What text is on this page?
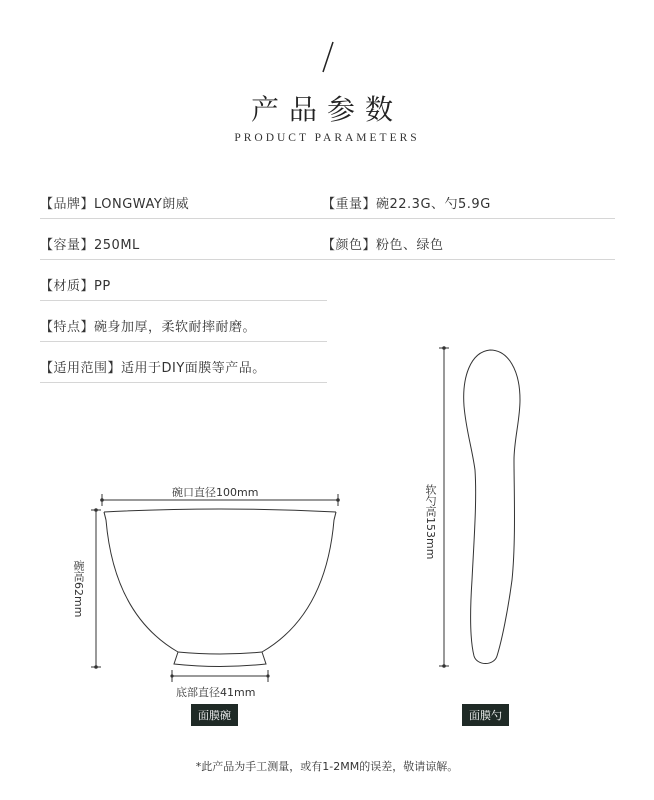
产品参数
PRODUCT PARAMETERS
【品牌】LONGWAY朗威	【重量】碗22.3G、勺5.9G
【容量】250ML	【颜色】粉色、绿色
【材质】PP
【特点】碗身加厚，柔软耐摔耐磨。
【适用范围】适用于DIY面膜等产品。
碗口直径100mm
碗高62mm
底部直径41mm
软勺高153mm
面膜碗	面膜勺
*此产品为手工测量，或有1-2MM的误差，敬请谅解。
